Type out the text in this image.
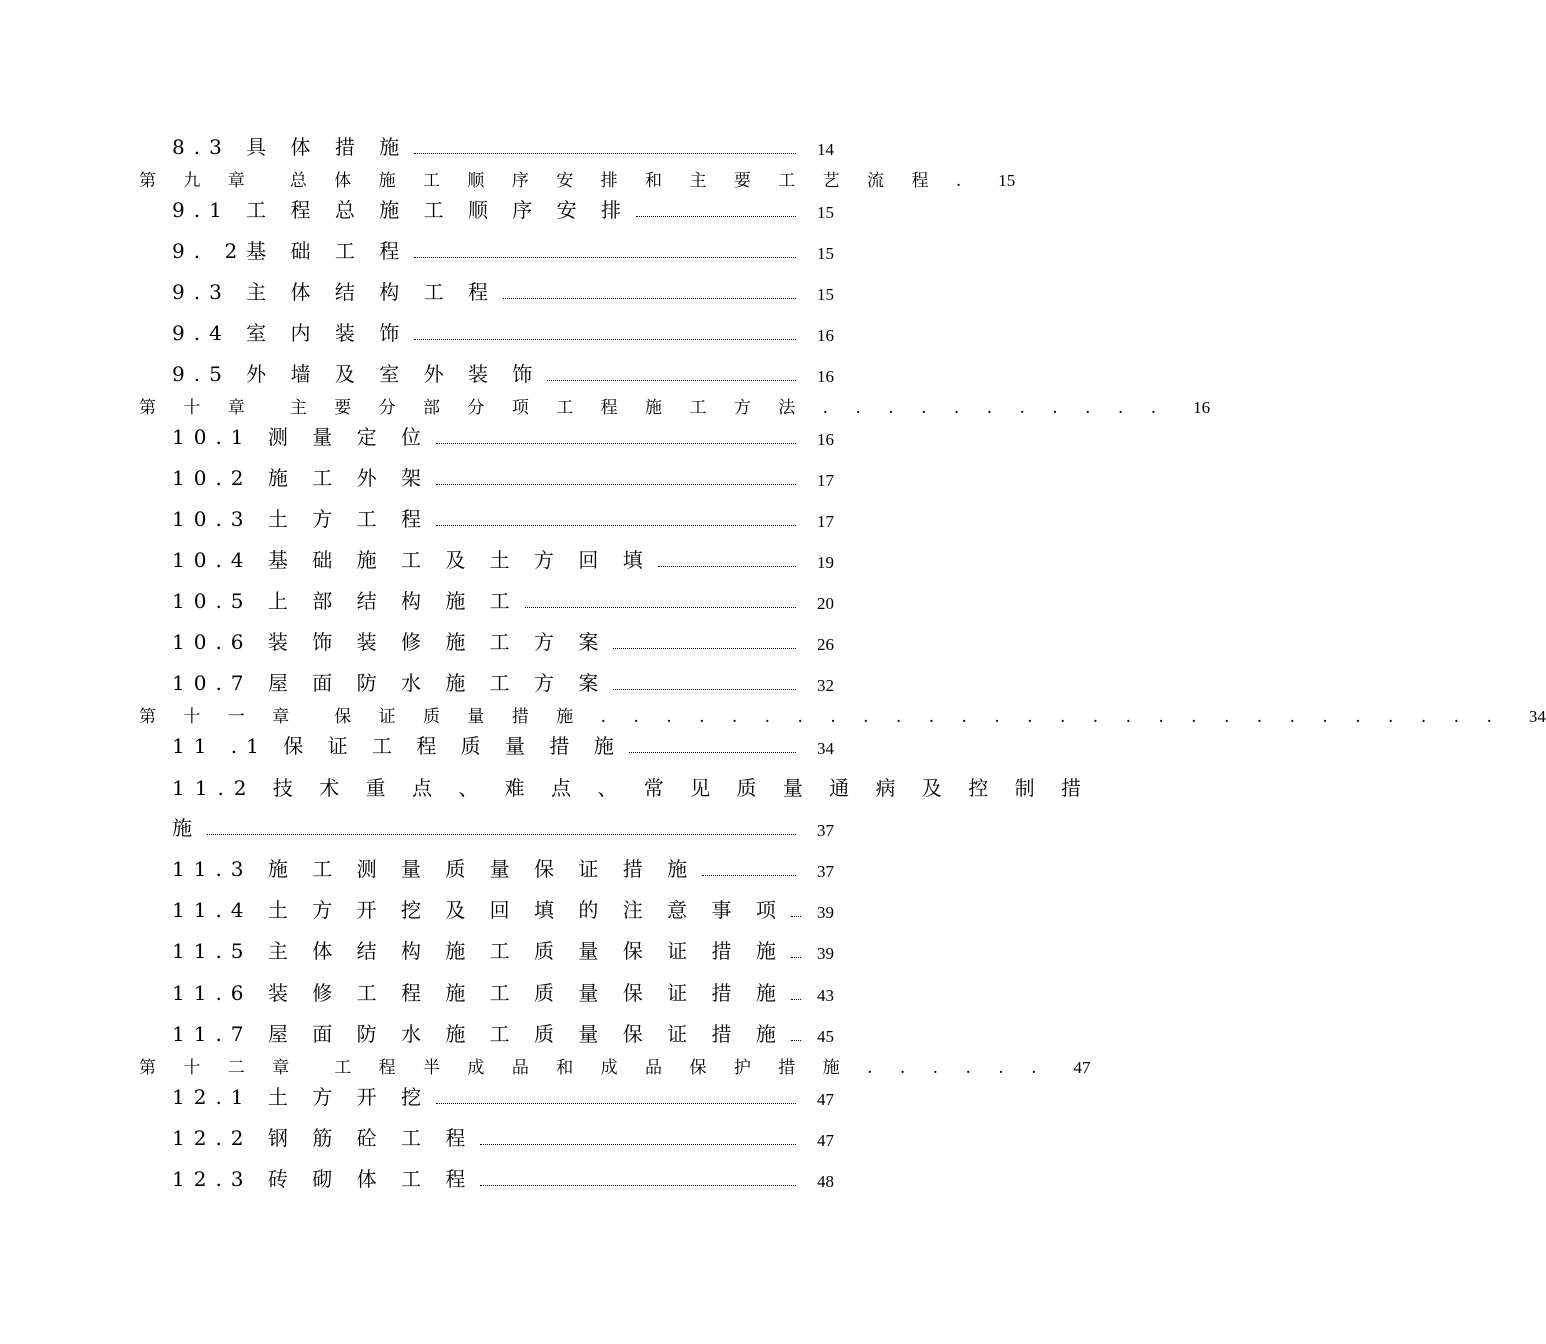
8.3 具 体 措 施	14
第 九 章 总 体 施 工 顺 序 安 排 和 主 要 工 艺 流 程 . 15
9.1 工 程 总 施 工 顺 序 安 排	15
9. 2基 础 工 程	15
9.3 主 体 结 构 工 程	15
9.4 室 内 装 饰	16
9.5 外 墙 及 室 外 装 饰	16
第 十 章 主 要 分 部 分 项 工 程 施 工 方 法 . . . . . . . . . . . 16
10.1 测 量 定 位	16
10.2 施 工 外 架	17
10.3 土 方 工 程	17
10.4 基 础 施 工 及 土 方 回 填	19
10.5 上 部 结 构 施 工	20
10.6 装 饰 装 修 施 工 方 案	26
10.7 屋 面 防 水 施 工 方 案	32
第 十 一 章 保 证 质 量 措 施 . . . . . . . . . . . . . . . . . . . . . . . . . . . . 34
11 .1 保 证 工 程 质 量 措 施	34
11.2 技 术 重 点 、 难 点 、 常 见 质 量 通 病 及 控 制 措
施	37
11.3 施 工 测 量 质 量 保 证 措 施	37
11.4 土 方 开 挖 及 回 填 的 注 意 事 项 39
11.5 主 体 结 构 施 工 质 量 保 证 措 施 39
11.6 装 修 工 程 施 工 质 量 保 证 措 施 43
11.7 屋 面 防 水 施 工 质 量 保 证 措 施 45
第 十 二 章 工 程 半 成 品 和 成 品 保 护 措 施 . . . . . . 47
12.1 土 方 开 挖	47
12.2 钢 筋 砼 工 程	47
12.3 砖 砌 体 工 程	48
